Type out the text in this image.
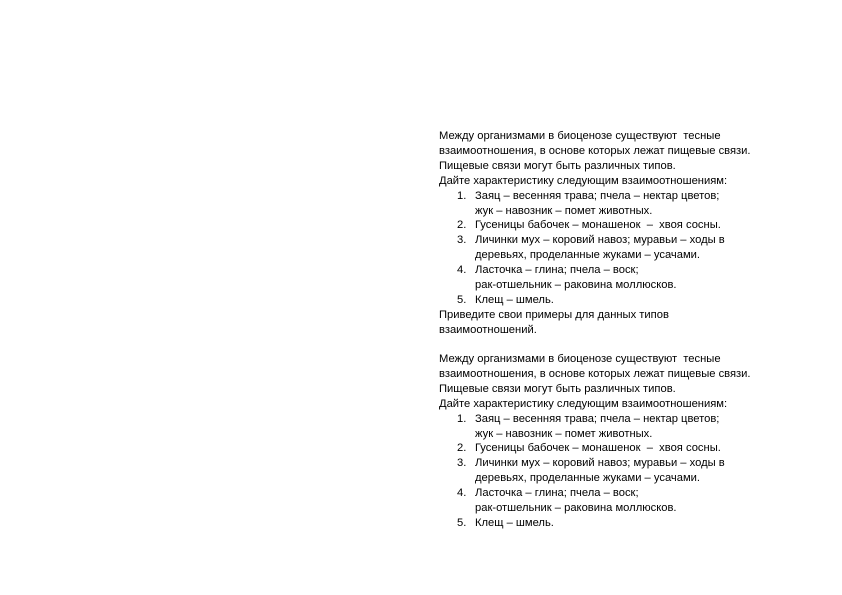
Между организмами в биоценозе существуют  тесные
взаимоотношения, в основе которых лежат пищевые связи.
Пищевые связи могут быть различных типов.
Дайте характеристику следующим взаимоотношениям:
1. Заяц – весенняя трава; пчела – нектар цветов;
жук – навозник – помет животных.
2. Гусеницы бабочек – монашенок  –  хвоя сосны.
3. Личинки мух – коровий навоз; муравьи – ходы в
деревьях, проделанные жуками – усачами.
4. Ласточка – глина; пчела – воск;
рак-отшельник – раковина моллюсков.
5. Клещ – шмель.
Приведите свои примеры для данных типов
взаимоотношений.
Между организмами в биоценозе существуют  тесные
взаимоотношения, в основе которых лежат пищевые связи.
Пищевые связи могут быть различных типов.
Дайте характеристику следующим взаимоотношениям:
1. Заяц – весенняя трава; пчела – нектар цветов;
жук – навозник – помет животных.
2. Гусеницы бабочек – монашенок  –  хвоя сосны.
3. Личинки мух – коровий навоз; муравьи – ходы в
деревьях, проделанные жуками – усачами.
4. Ласточка – глина; пчела – воск;
рак-отшельник – раковина моллюсков.
5. Клещ – шмель.
